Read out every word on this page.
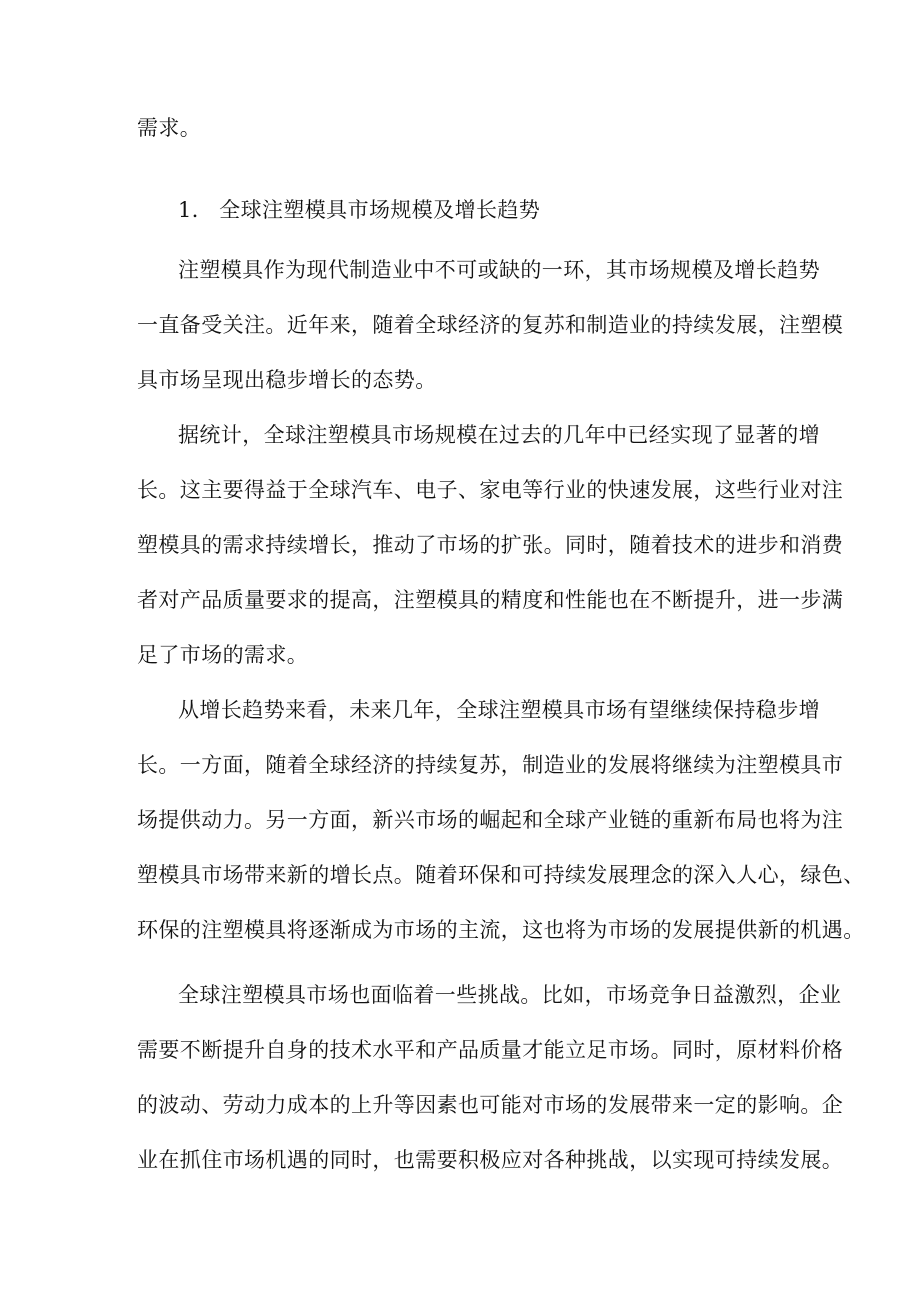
需求。
1． 全球注塑模具市场规模及增长趋势
注塑模具作为现代制造业中不可或缺的一环，其市场规模及增长趋势
一直备受关注。近年来，随着全球经济的复苏和制造业的持续发展，注塑模
具市场呈现出稳步增长的态势。
据统计，全球注塑模具市场规模在过去的几年中已经实现了显著的增
长。这主要得益于全球汽车、电子、家电等行业的快速发展，这些行业对注
塑模具的需求持续增长，推动了市场的扩张。同时，随着技术的进步和消费
者对产品质量要求的提高，注塑模具的精度和性能也在不断提升，进一步满
足了市场的需求。
从增长趋势来看，未来几年，全球注塑模具市场有望继续保持稳步增
长。一方面，随着全球经济的持续复苏，制造业的发展将继续为注塑模具市
场提供动力。另一方面，新兴市场的崛起和全球产业链的重新布局也将为注
塑模具市场带来新的增长点。随着环保和可持续发展理念的深入人心，绿色、
环保的注塑模具将逐渐成为市场的主流，这也将为市场的发展提供新的机遇。
全球注塑模具市场也面临着一些挑战。比如，市场竞争日益激烈，企业
需要不断提升自身的技术水平和产品质量才能立足市场。同时，原材料价格
的波动、劳动力成本的上升等因素也可能对市场的发展带来一定的影响。企
业在抓住市场机遇的同时，也需要积极应对各种挑战，以实现可持续发展。
